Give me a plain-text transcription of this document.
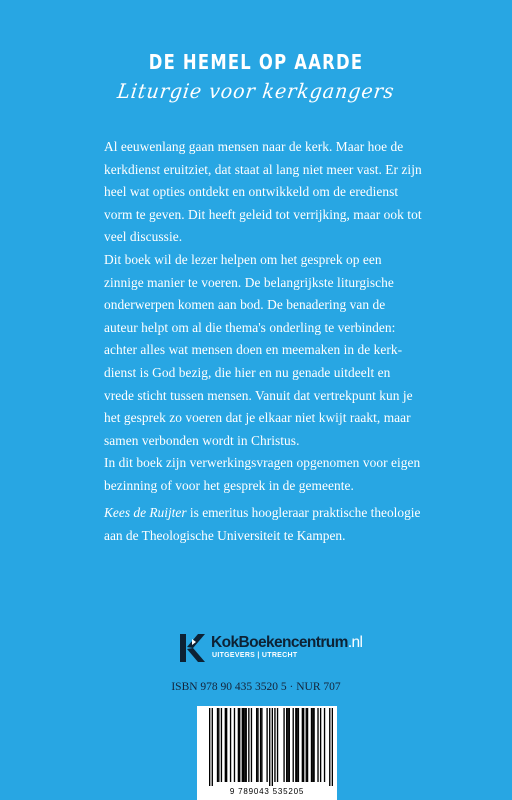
DE HEMEL OP AARDE
Liturgie voor kerkgangers

Al eeuwenlang gaan mensen naar de kerk. Maar hoe de

kerkdienst eruitziet, dat staat al lang niet meer vast. Er zijn

heel wat opties ontdekt en ontwikkeld om de eredienst

vorm te geven. Dit heeft geleid tot verrijking, maar ook tot

veel discussie.

Dit boek wil de lezer helpen om het gesprek op een

zinnige manier te voeren. De belangrijkste liturgische

onderwerpen komen aan bod. De benadering van de

auteur helpt om al die thema's onderling te verbinden:

achter alles wat mensen doen en meemaken in de kerk-

dienst is God bezig, die hier en nu genade uitdeelt en

vrede sticht tussen mensen. Vanuit dat vertrekpunt kun je

het gesprek zo voeren dat je elkaar niet kwijt raakt, maar

samen verbonden wordt in Christus.

In dit boek zijn verwerkingsvragen opgenomen voor eigen

bezinning of voor het gesprek in de gemeente.

Kees de Ruijter is emeritus hoogleraar praktische theologie

aan de Theologische Universiteit te Kampen.

KokBoekencentrum.nl
UITGEVERS | UTRECHT
ISBN 978 90 435 3520 5 · NUR 707
9 789043 535205
